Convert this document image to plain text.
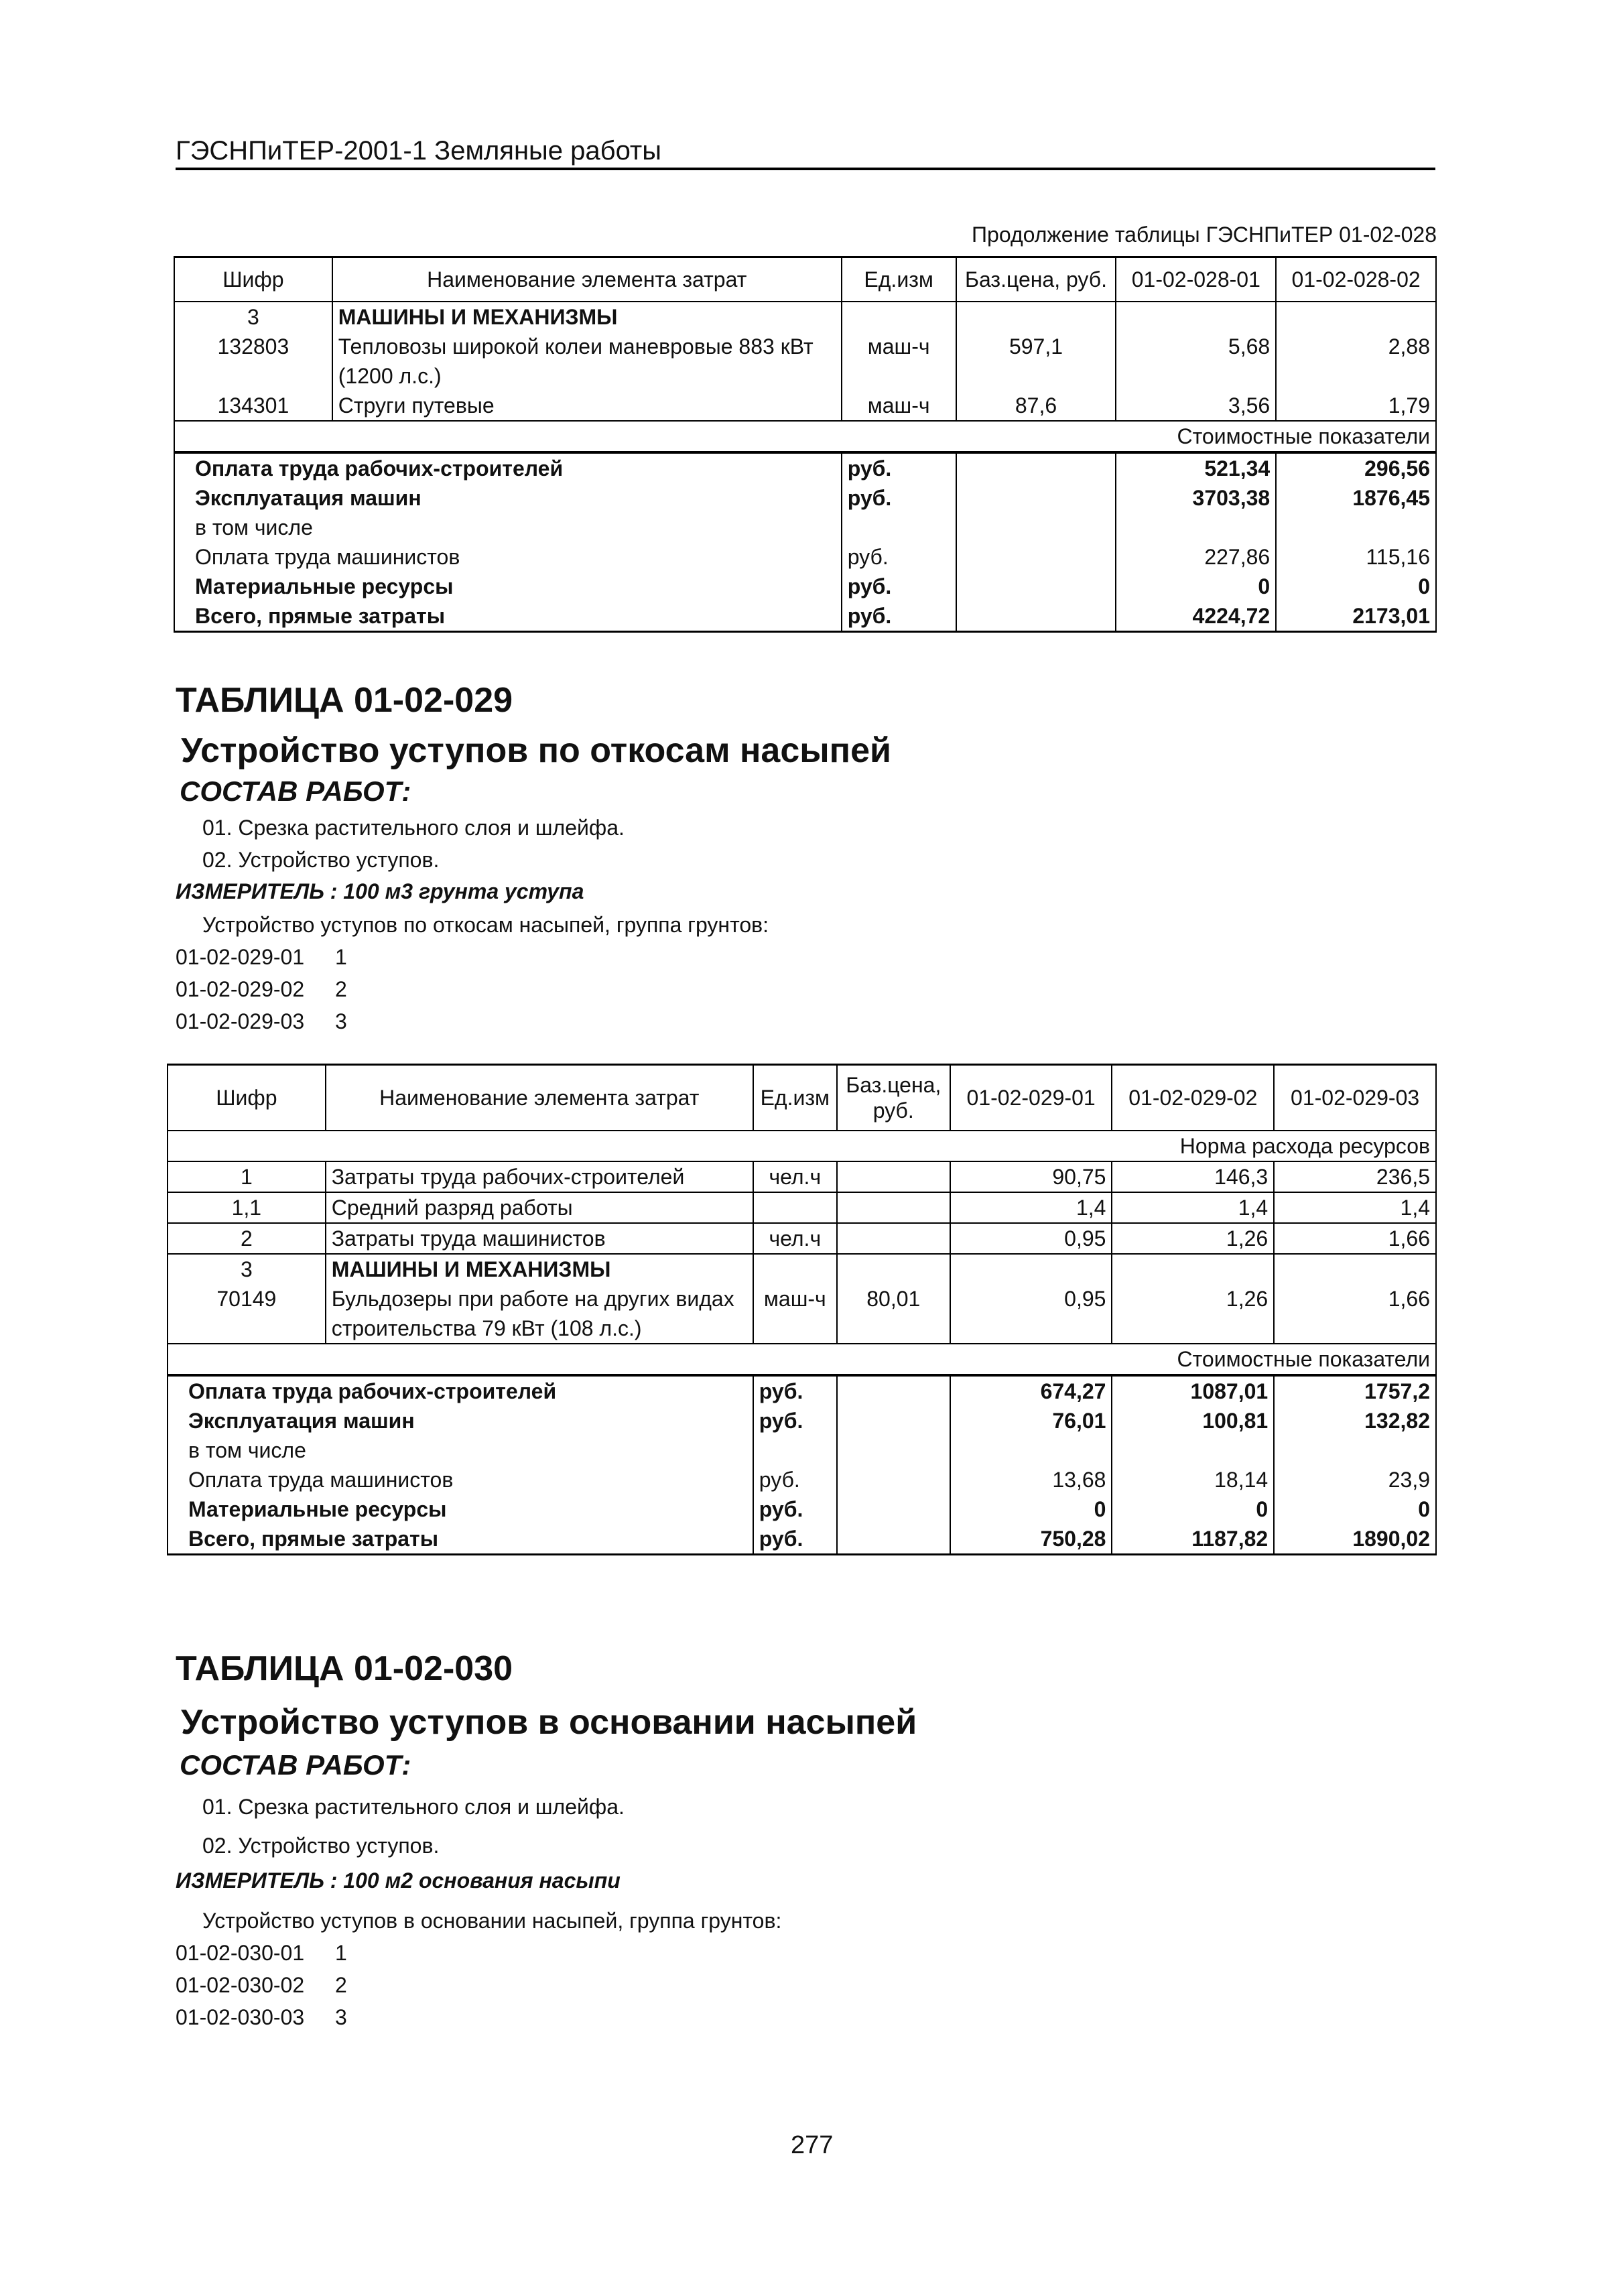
ГЭСНПиТЕР-2001-1 Земляные работы
Продолжение таблицы ГЭСНПиТЕР 01-02-028
Шифр	Наименование элемента затрат	Ед.изм	Баз.цена, руб.	01-02-028-01	01-02-028-02
3	МАШИНЫ И МЕХАНИЗМЫ				
132803	Тепловозы широкой колеи маневровые 883 кВт (1200 л.с.)	маш-ч	597,1	5,68	2,88
134301	Струги путевые	маш-ч	87,6	3,56	1,79
				Стоимостные показатели	
Оплата труда рабочих-строителей		руб.		521,34	296,56
Эксплуатация машин		руб.		3703,38	1876,45
в том числе					
Оплата труда машинистов		руб.		227,86	115,16
Материальные ресурсы		руб.		0	0
Всего, прямые затраты		руб.		4224,72	2173,01
ТАБЛИЦА 01-02-029
Устройство уступов по откосам насыпей
СОСТАВ РАБОТ:
01. Срезка растительного слоя и шлейфа.
02. Устройство уступов.
ИЗМЕРИТЕЛЬ : 100 м3 грунта уступа
Устройство уступов по откосам насыпей, группа грунтов:
01-02-029-01 1
01-02-029-02 2
01-02-029-03 3
Шифр	Наименование элемента затрат	Ед.изм	Баз.цена, руб.	01-02-029-01	01-02-029-02	01-02-029-03
					Норма расхода ресурсов	
1	Затраты труда рабочих-строителей	чел.ч		90,75	146,3	236,5
1,1	Средний разряд работы			1,4	1,4	1,4
2	Затраты труда машинистов	чел.ч		0,95	1,26	1,66
3	МАШИНЫ И МЕХАНИЗМЫ					
70149	Бульдозеры при работе на других видах строительства 79 кВт (108 л.с.)	маш-ч	80,01	0,95	1,26	1,66
					Стоимостные показатели	
Оплата труда рабочих-строителей		руб.		674,27	1087,01	1757,2
Эксплуатация машин		руб.		76,01	100,81	132,82
в том числе						
Оплата труда машинистов		руб.		13,68	18,14	23,9
Материальные ресурсы		руб.		0	0	0
Всего, прямые затраты		руб.		750,28	1187,82	1890,02
ТАБЛИЦА 01-02-030
Устройство уступов в основании насыпей
СОСТАВ РАБОТ:
01. Срезка растительного слоя и шлейфа.
02. Устройство уступов.
ИЗМЕРИТЕЛЬ : 100 м2 основания насыпи
Устройство уступов в основании насыпей, группа грунтов:
01-02-030-01 1
01-02-030-02 2
01-02-030-03 3
277
